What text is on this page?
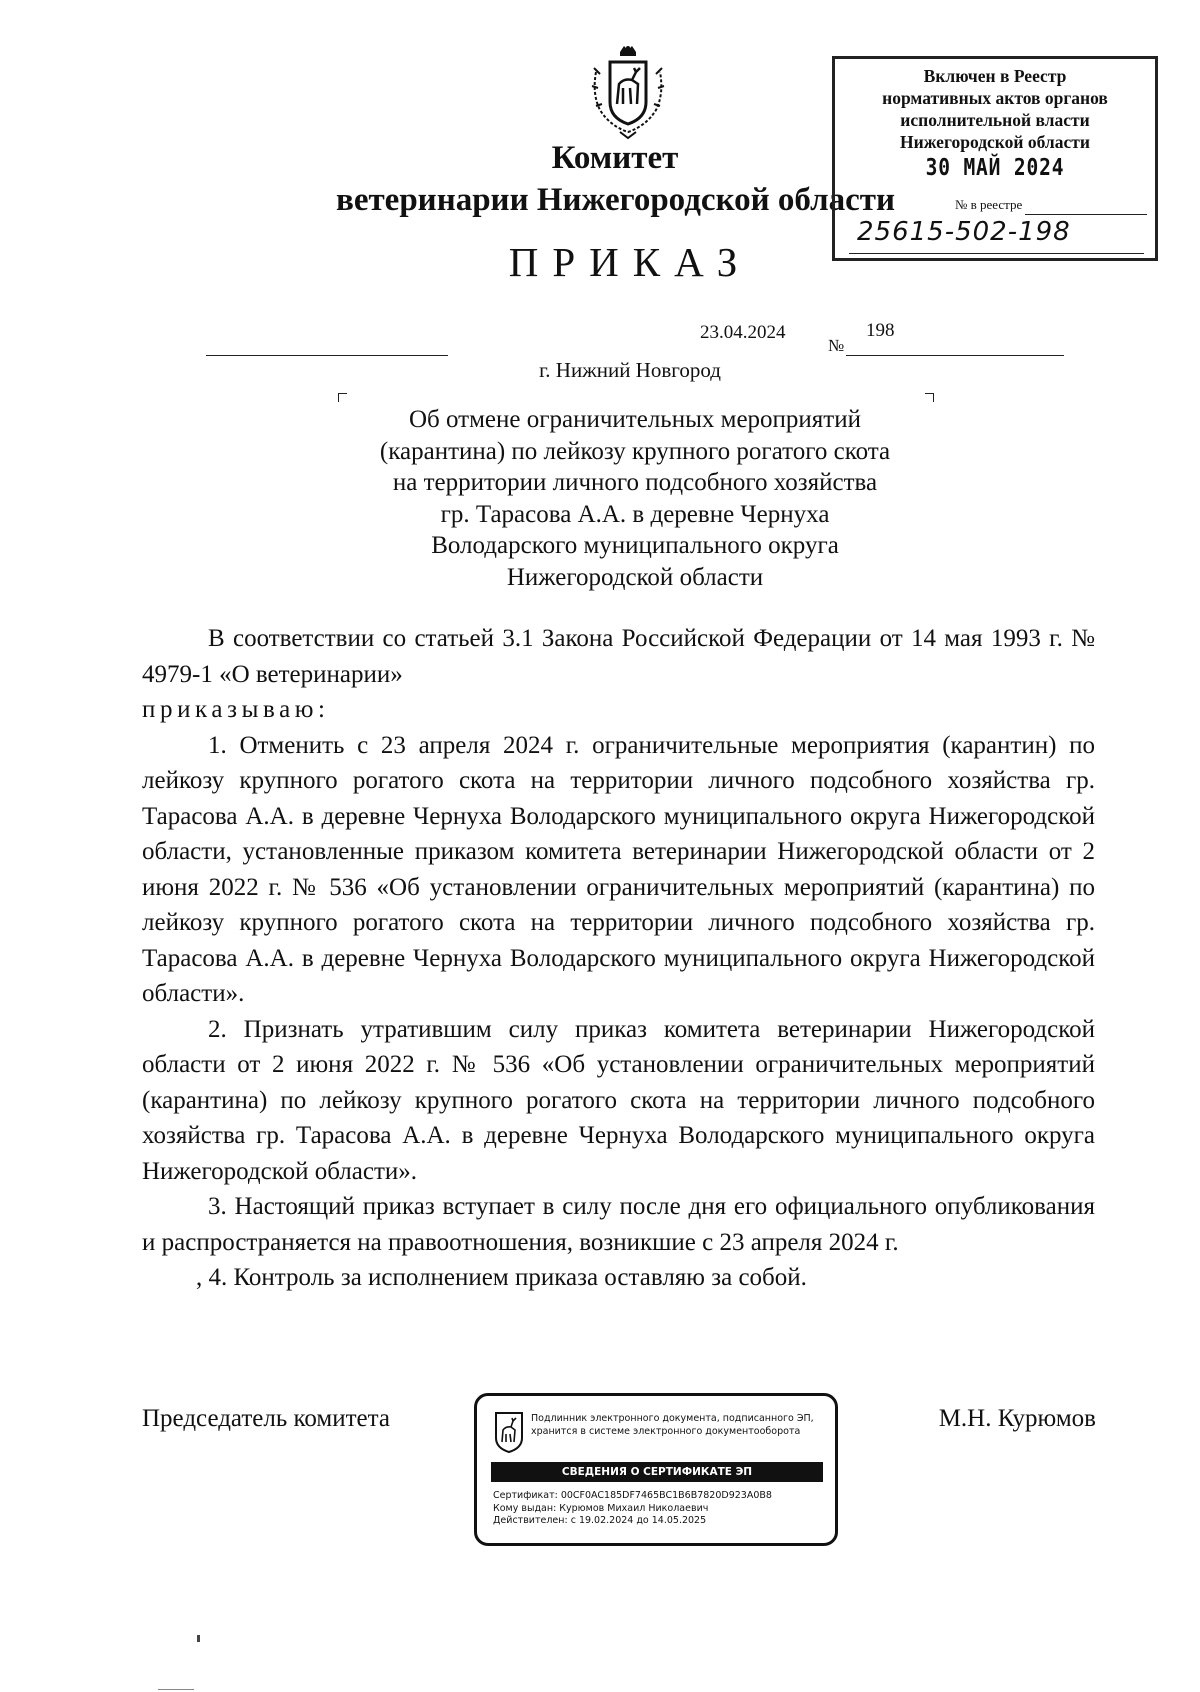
Комитет
ветеринарии Нижегородской области
ПРИКАЗ
Включен в Реестр
нормативных актов органов
исполнительной власти
Нижегородской области
30 МАЙ 2024
№ в реестре
25615-502-198
23.04.2024
№
198
г. Нижний Новгород
Об отмене ограничительных мероприятий
(карантина) по лейкозу крупного рогатого скота
на территории личного подсобного хозяйства
гр. Тарасова А.А. в деревне Чернуха
Володарского муниципального округа
Нижегородской области

В соответствии со статьей 3.1 Закона Российской Федерации от 14 мая 1993 г. № 4979-1 «О ветеринарии»

приказываю:

1. Отменить с 23 апреля 2024 г. ограничительные мероприятия (карантин) по лейкозу крупного рогатого скота на территории личного подсобного хозяйства гр. Тарасова А.А. в деревне Чернуха Володарского муниципального округа Нижегородской области, установленные приказом комитета ветеринарии Нижегородской области от 2 июня 2022 г. № 536 «Об установлении ограничительных мероприятий (карантина) по лейкозу крупного рогатого скота на территории личного подсобного хозяйства гр. Тарасова А.А. в деревне Чернуха Володарского муниципального округа Нижегородской области».

2. Признать утратившим силу приказ комитета ветеринарии Нижегородской области от 2 июня 2022 г. № 536 «Об установлении ограничительных мероприятий (карантина) по лейкозу крупного рогатого скота на территории личного подсобного хозяйства гр. Тарасова А.А. в деревне Чернуха Володарского муниципального округа Нижегородской области».

3. Настоящий приказ вступает в силу после дня его официального опубликования и распространяется на правоотношения, возникшие с 23 апреля 2024 г.

, 4. Контроль за исполнением приказа оставляю за собой.

Председатель комитета	М.Н. Курюмов
Подлинник электронного документа, подписанного ЭП,
хранится в системе электронного документооборота
СВЕДЕНИЯ О СЕРТИФИКАТЕ ЭП
Сертификат: 00CF0AC185DF7465BC1B6B7820D923A0B8
Кому выдан: Курюмов Михаил Николаевич
Действителен: с 19.02.2024 до 14.05.2025
